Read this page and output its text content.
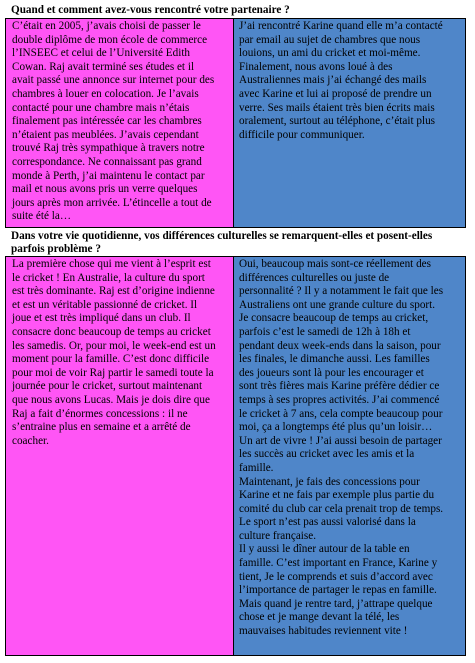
Quand et comment avez-vous rencontré votre partenaire ?
C’était en 2005, j’avais choisi de passer le
double diplôme de mon école de commerce
l’INSEEC et celui de l’Université Edith
Cowan. Raj avait terminé ses études et il
avait passé une annonce sur internet pour des
chambres à louer en colocation. Je l’avais
contacté pour une chambre mais n’étais
finalement pas intéressée car les chambres
n’étaient pas meublées. J’avais cependant
trouvé Raj très sympathique à travers notre
correspondance. Ne connaissant pas grand
monde à Perth, j’ai maintenu le contact par
mail et nous avons pris un verre quelques
jours après mon arrivée. L’étincelle a tout de
suite été la…
J’ai rencontré Karine quand elle m’a contacté
par email au sujet de chambres que nous
louions, un ami du cricket et moi-même.
Finalement, nous avons loué à des
Australiennes mais j’ai échangé des mails
avec Karine et lui ai proposé de prendre un
verre. Ses mails étaient très bien écrits mais
oralement, surtout au téléphone, c’était plus
difficile pour communiquer.
Dans votre vie quotidienne, vos différences culturelles se remarquent-elles et posent-elles
parfois problème ?
La première chose qui me vient à l’esprit est
le cricket ! En Australie, la culture du sport
est très dominante. Raj est d’origine indienne
et est un véritable passionné de cricket. Il
joue et est très impliqué dans un club. Il
consacre donc beaucoup de temps au cricket
les samedis. Or, pour moi, le week-end est un
moment pour la famille. C’est donc difficile
pour moi de voir Raj partir le samedi toute la
journée pour le cricket, surtout maintenant
que nous avons Lucas. Mais je dois dire que
Raj a fait d’énormes concessions : il ne
s’entraine plus en semaine et a arrêté de
coacher.
Oui, beaucoup mais sont-ce réellement des
différences culturelles ou juste de
personnalité ? Il y a notamment le fait que les
Australiens ont une grande culture du sport.
Je consacre beaucoup de temps au cricket,
parfois c’est le samedi de 12h à 18h et
pendant deux week-ends dans la saison, pour
les finales, le dimanche aussi. Les familles
des joueurs sont là pour les encourager et
sont très fières mais Karine préfère dédier ce
temps à ses propres activités. J’ai commencé
le cricket à 7 ans, cela compte beaucoup pour
moi, ça a longtemps été plus qu’un loisir…
Un art de vivre ! J’ai aussi besoin de partager
les succès au cricket avec les amis et la
famille.
Maintenant, je fais des concessions pour
Karine et ne fais par exemple plus partie du
comité du club car cela prenait trop de temps.
Le sport n’est pas aussi valorisé dans la
culture française.
Il y aussi le dîner autour de la table en
famille. C’est important en France, Karine y
tient, Je le comprends et suis d’accord avec
l’importance de partager le repas en famille.
Mais quand je rentre tard, j’attrape quelque
chose et je mange devant la télé, les
mauvaises habitudes reviennent vite !
